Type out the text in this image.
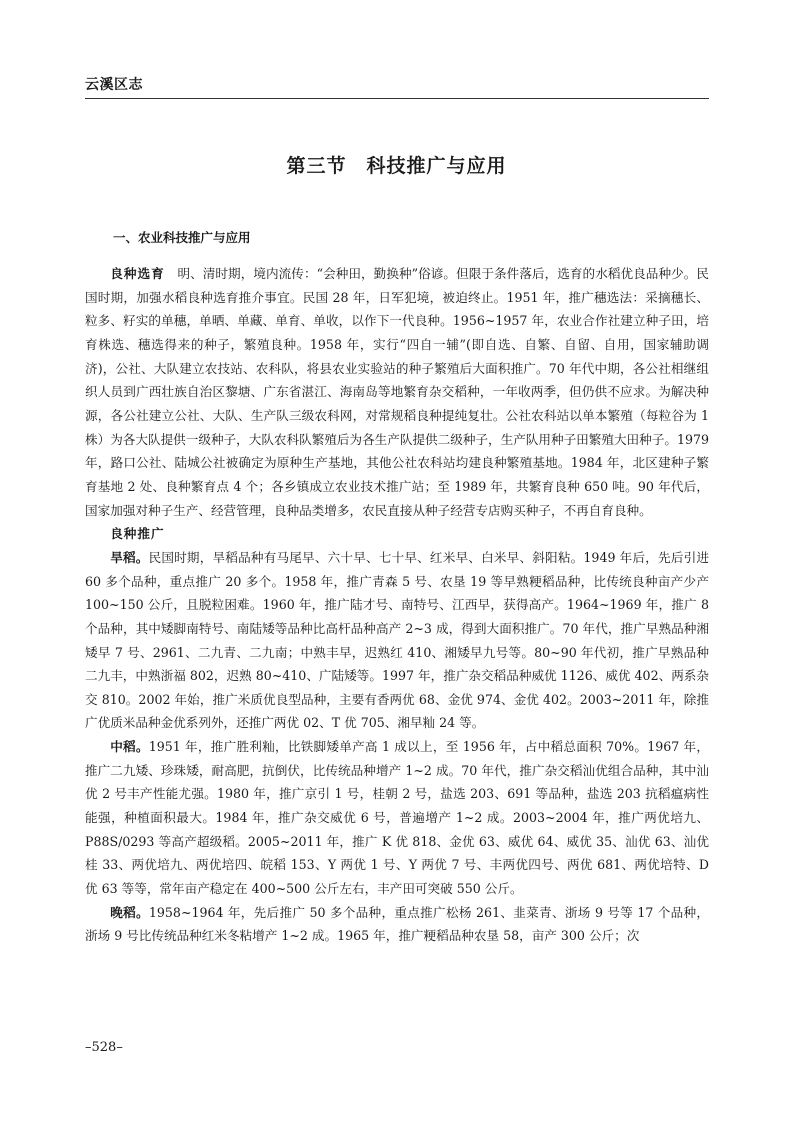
云溪区志
第三节　科技推广与应用
一、农业科技推广与应用

良种选育　明、清时期，境内流传：“会种田，勤换种”俗谚。但限于条件落后，选育的水稻优良品种少。民国时期，加强水稻良种选育推介事宜。民国 28 年，日军犯境，被迫终止。1951 年，推广穗选法：采摘穗长、粒多、籽实的单穗，单晒、单藏、单育、单收，以作下一代良种。1956~1957 年，农业合作社建立种子田，培育株选、穗选得来的种子，繁殖良种。1958 年，实行“四自一辅”(即自选、自繁、自留、自用，国家辅助调济)，公社、大队建立农技站、农科队，将县农业实验站的种子繁殖后大面积推广。70 年代中期，各公社相继组织人员到广西壮族自治区黎塘、广东省湛江、海南岛等地繁育杂交稻种，一年收两季，但仍供不应求。为解决种源，各公社建立公社、大队、生产队三级农科网，对常规稻良种提纯复壮。公社农科站以单本繁殖（每粒谷为 1 株）为各大队提供一级种子，大队农科队繁殖后为各生产队提供二级种子，生产队用种子田繁殖大田种子。1979 年，路口公社、陆城公社被确定为原种生产基地，其他公社农科站均建良种繁殖基地。1984 年，北区建种子繁育基地 2 处、良种繁育点 4 个；各乡镇成立农业技术推广站；至 1989 年，共繁育良种 650 吨。90 年代后，国家加强对种子生产、经营管理，良种品类增多，农民直接从种子经营专店购买种子，不再自育良种。

良种推广

旱稻。民国时期，旱稻品种有马尾早、六十早、七十早、红米早、白米早、斜阳粘。1949 年后，先后引进 60 多个品种，重点推广 20 多个。1958 年，推广青森 5 号、农垦 19 等早熟粳稻品种，比传统良种亩产少产 100~150 公斤，且脱粒困难。1960 年，推广陆才号、南特号、江西早，获得高产。1964~1969 年，推广 8 个品种，其中矮脚南特号、南陆矮等品种比高杆品种高产 2~3 成，得到大面积推广。70 年代，推广早熟品种湘矮早 7 号、2961、二九青、二九南；中熟丰早，迟熟红 410、湘矮早九号等。80~90 年代初，推广早熟品种二九丰，中熟浙福 802，迟熟 80~410、广陆矮等。1997 年，推广杂交稻品种威优 1126、威优 402、两系杂交 810。2002 年始，推广米质优良型品种，主要有香两优 68、金优 974、金优 402。2003~2011 年，除推广优质米品种金优系列外，还推广两优 02、T 优 705、湘早籼 24 等。

中稻。1951 年，推广胜利籼，比铁脚矮单产高 1 成以上，至 1956 年，占中稻总面积 70%。1967 年，推广二九矮、珍珠矮，耐高肥，抗倒伏，比传统品种增产 1~2 成。70 年代，推广杂交稻汕优组合品种，其中汕优 2 号丰产性能尤强。1980 年，推广京引 1 号，桂朝 2 号，盐选 203、691 等品种，盐选 203 抗稻瘟病性能强，种植面积最大。1984 年，推广杂交威优 6 号，普遍增产 1~2 成。2003~2004 年，推广两优培九、P88S/0293 等高产超级稻。2005~2011 年，推广 K 优 818、金优 63、威优 64、威优 35、汕优 63、汕优桂 33、两优培九、两优培四、皖稻 153、Y 两优 1 号、Y 两优 7 号、丰两优四号、两优 681、两优培特、D 优 63 等等，常年亩产稳定在 400~500 公斤左右，丰产田可突破 550 公斤。

晚稻。1958~1964 年，先后推广 50 多个品种，重点推广松杨 261、韭菜青、浙场 9 号等 17 个品种，浙场 9 号比传统品种红米冬粘增产 1~2 成。1965 年，推广粳稻品种农垦 58，亩产 300 公斤；次

–528–
